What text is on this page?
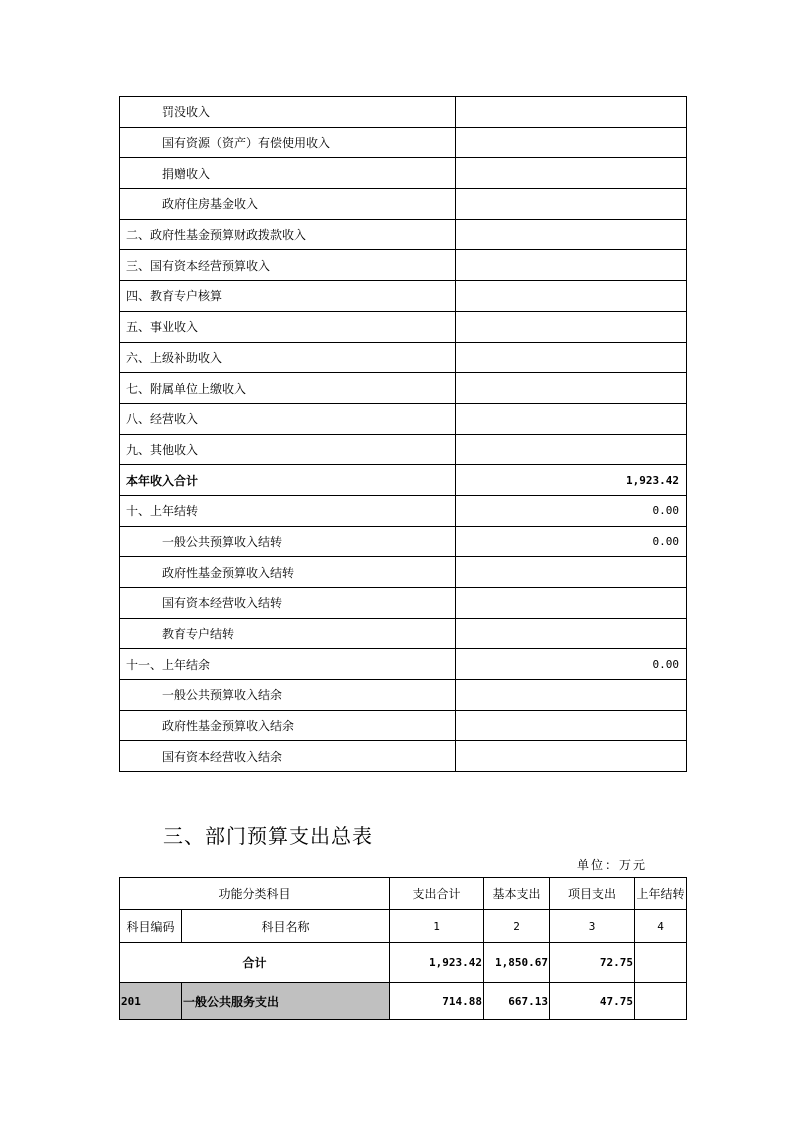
罚没收入	
国有资源（资产）有偿使用收入	
捐赠收入	
政府住房基金收入	
二、政府性基金预算财政拨款收入	
三、国有资本经营预算收入	
四、教育专户核算	
五、事业收入	
六、上级补助收入	
七、附属单位上缴收入	
八、经营收入	
九、其他收入	
本年收入合计	1,923.42
十、上年结转	0.00
一般公共预算收入结转	0.00
政府性基金预算收入结转	
国有资本经营收入结转	
教育专户结转	
十一、上年结余	0.00
一般公共预算收入结余	
政府性基金预算收入结余	
国有资本经营收入结余	
三、部门预算支出总表
单位：万元
功能分类科目		支出合计	基本支出	项目支出	上年结转
科目编码	科目名称	1	2	3	4
合计		1,923.42	1,850.67	72.75	
201	一般公共服务支出	714.88	667.13	47.75	
